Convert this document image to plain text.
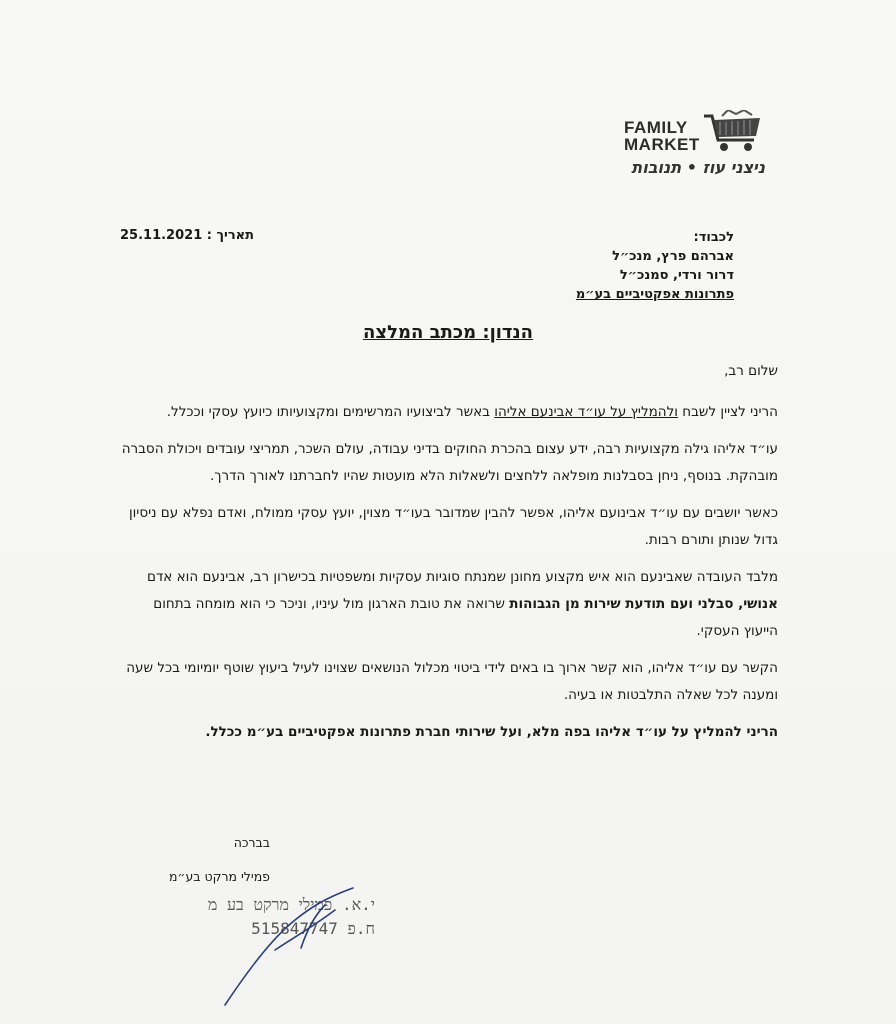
FAMILY
MARKET
ניצני עוז • תנובות
תאריך : 25.11.2021	לכבוד:
אברהם פרץ, מנכ״ל
דרור ורדי, סמנכ״ל
פתרונות אפקטיביים בע״מ
הנדון: מכתב המלצה

שלום רב,

הריני לציין לשבח ולהמליץ על עו״ד אבינעם אליהו באשר לביצועיו המרשימים ומקצועיותו כיועץ עסקי וככלל.

עו״ד אליהו גילה מקצועיות רבה, ידע עצום בהכרת החוקים בדיני עבודה, עולם השכר, תמריצי עובדים ויכולת הסברה מובהקת. בנוסף, ניחן בסבלנות מופלאה ללחצים ולשאלות הלא מועטות שהיו לחברתנו לאורך הדרך.

כאשר יושבים עם עו״ד אבינועם אליהו, אפשר להבין שמדובר בעו״ד מצוין, יועץ עסקי ממולח, ואדם נפלא עם ניסיון גדול שנותן ותורם רבות.

מלבד העובדה שאבינעם הוא איש מקצוע מחונן שמנתח סוגיות עסקיות ומשפטיות בכישרון רב, אבינעם הוא אדם אנושי, סבלני ועם תודעת שירות מן הגבוהות שרואה את טובת הארגון מול עיניו, וניכר כי הוא מומחה בתחום הייעוץ העסקי.

הקשר עם עו״ד אליהו, הוא קשר ארוך בו באים לידי ביטוי מכלול הנושאים שצוינו לעיל ביעוץ שוטף יומיומי בכל שעה ומענה לכל שאלה התלבטות או בעיה.

הריני להמליץ על עו״ד אליהו בפה מלא, ועל שירותי חברת פתרונות אפקטיביים בע״מ ככלל.

בברכה
פמילי מרקט בע״מ
י.א. פמילי מרקט בע מ
ח.פ 515847747
